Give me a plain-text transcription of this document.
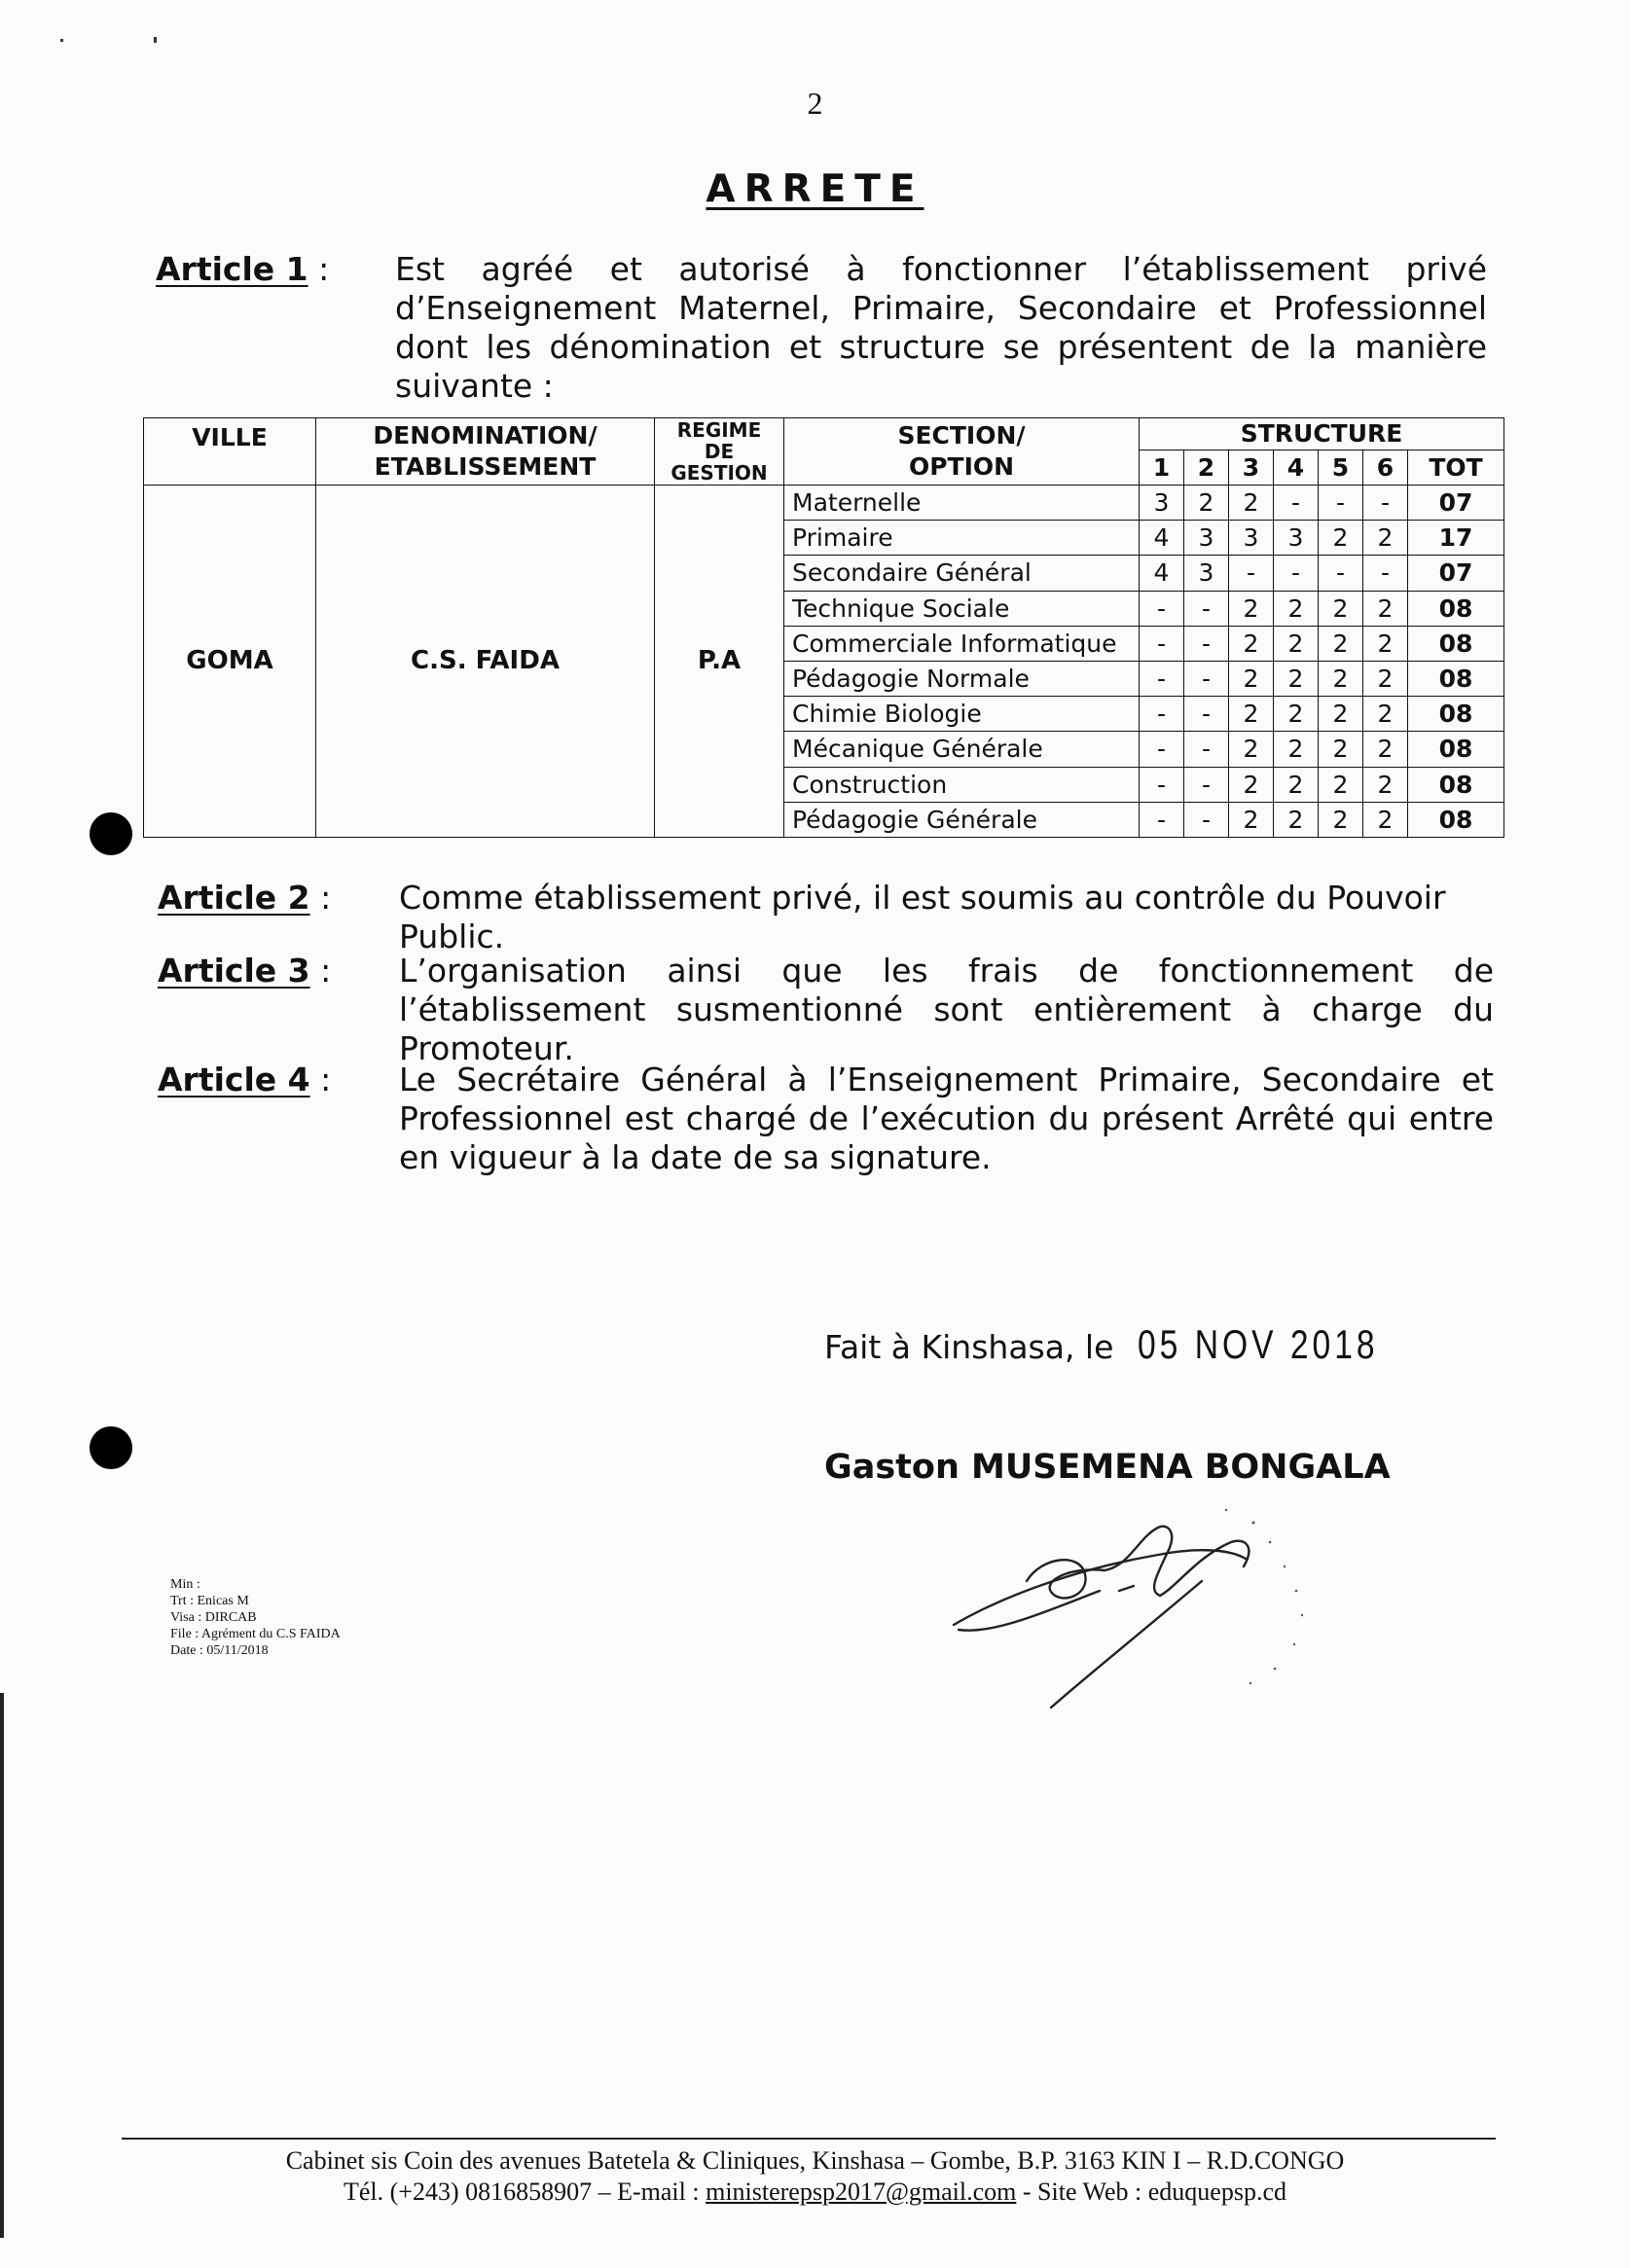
2
ARRETE
Article 1 : Est agréé et autorisé à fonctionner l’établissement privé d’Enseignement Maternel, Primaire, Secondaire et Professionnel dont les dénomination et structure se présentent de la manière suivante :
VILLE	DENOMINATION/ ETABLISSEMENT	REGIME DE GESTION	SECTION/ OPTION	STRUCTURE						
				1	2	3	4	5	6	TOT
GOMA	C.S. FAIDA	P.A	Maternelle	3	2	2	-	-	-	07
			Primaire	4	3	3	3	2	2	17
			Secondaire Général	4	3	-	-	-	-	07
			Technique Sociale	-	-	2	2	2	2	08
			Commerciale Informatique	-	-	2	2	2	2	08
			Pédagogie Normale	-	-	2	2	2	2	08
			Chimie Biologie	-	-	2	2	2	2	08
			Mécanique Générale	-	-	2	2	2	2	08
			Construction	-	-	2	2	2	2	08
			Pédagogie Générale	-	-	2	2	2	2	08
Article 2 : Comme établissement privé, il est soumis au contrôle du Pouvoir Public.
Article 3 : L’organisation ainsi que les frais de fonctionnement de l’établissement susmentionné sont entièrement à charge du Promoteur.
Article 4 : Le Secrétaire Général à l’Enseignement Primaire, Secondaire et Professionnel est chargé de l’exécution du présent Arrêté qui entre en vigueur à la date de sa signature.
Fait à Kinshasa, le 05 NOV 2018
Gaston MUSEMENA BONGALA
Min :
Trt : Enicas M
Visa : DIRCAB
File : Agrément du C.S FAIDA
Date : 05/11/2018
Cabinet sis Coin des avenues Batetela & Cliniques, Kinshasa – Gombe, B.P. 3163 KIN I – R.D.CONGO
Tél. (+243) 0816858907 – E-mail : ministerepsp2017@gmail.com - Site Web : eduquepsp.cd
